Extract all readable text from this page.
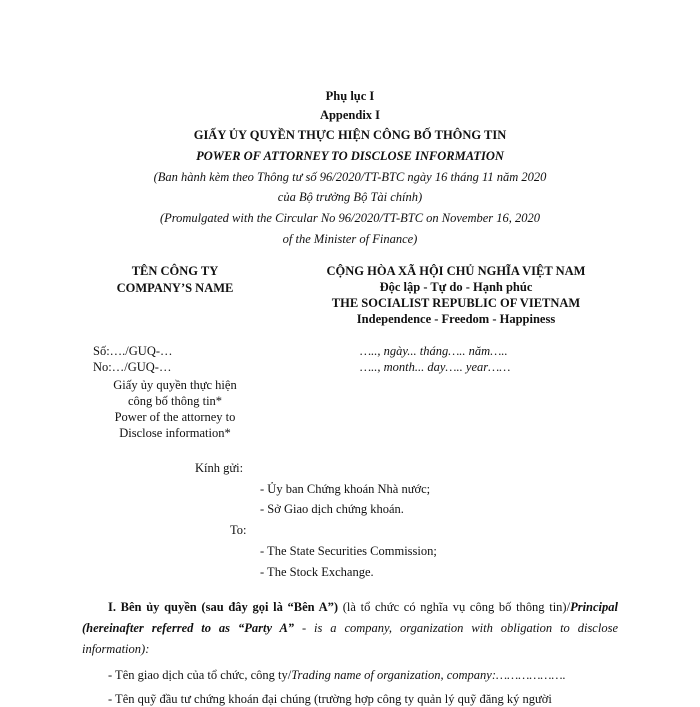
Phụ lục I
Appendix I
GIẤY ỦY QUYỀN THỰC HIỆN CÔNG BỐ THÔNG TIN
POWER OF ATTORNEY TO DISCLOSE INFORMATION
(Ban hành kèm theo Thông tư số 96/2020/TT-BTC ngày 16 tháng 11 năm 2020
của Bộ trưởng Bộ Tài chính)
(Promulgated with the Circular No 96/2020/TT-BTC on November 16, 2020
of the Minister of Finance)
TÊN CÔNG TY
COMPANY’S NAME
CỘNG HÒA XÃ HỘI CHỦ NGHĨA VIỆT NAM
Độc lập - Tự do - Hạnh phúc
THE SOCIALIST REPUBLIC OF VIETNAM
Independence - Freedom - Happiness
Số:…./GUQ-…
No:…/GUQ-…
….., ngày... tháng….. năm…..
….., month... day….. year……
Giấy ủy quyền thực hiện
công bố thông tin*
Power of the attorney to
Disclose information*
Kính gửi:
- Ủy ban Chứng khoán Nhà nước;
- Sở Giao dịch chứng khoán.
To:
- The State Securities Commission;
- The Stock Exchange.
I. Bên ủy quyền (sau đây gọi là “Bên A”) (là tổ chức có nghĩa vụ công bố thông tin)/Principal (hereinafter referred to as “Party A” - is a company, organization with obligation to disclose information):
- Tên giao dịch của tổ chức, công ty/Trading name of organization, company:……………….
- Tên quỹ đầu tư chứng khoán đại chúng (trường hợp công ty quản lý quỹ đăng ký người
